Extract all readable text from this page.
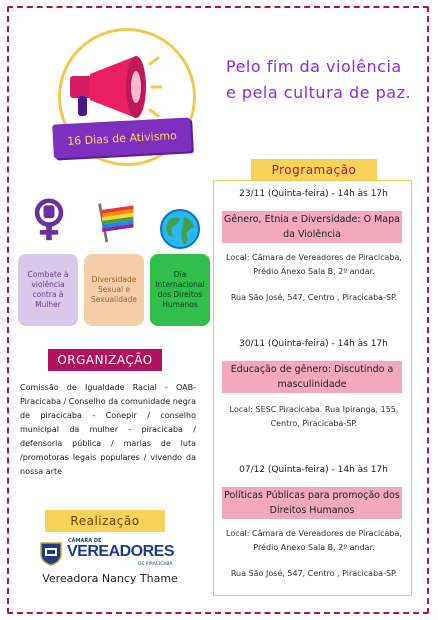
16 Dias de Ativismo
Pelo fim da violência
e pela cultura de paz.
Combate à violência contra à Mulher
Diversidade Sexual e Sexualidade
Dia Internacional dos Direitos Humanos
ORGANIZAÇÃO
Comissão de Igualdade Racial - OAB-Piracicaba / Conselho da comunidade negra de piracicaba - Conepir / conselho municipal da mulher - piracicaba / defensoria pública / marias de luta /promotoras legais populares / vivendo da nossa arte
Realização
CÂMARA DE
VEREADORES
DE PIRACICABA
Vereadora Nancy Thame
Programação
23/11 (Quinta-feira) - 14h às 17h
Gênero, Etnia e Diversidade: O Mapa da Violência
Local: Câmara de Vereadores de Piracicaba, Prédio Anexo Sala B, 2º andar.
Rua São José, 547, Centro , Piracicaba-SP.
30/11 (Quinta-feira) - 14h às 17h
Educação de gênero: Discutindo a masculinidade
Local: SESC Piracicaba. Rua Ipiranga, 155, Centro, Piracicaba-SP.
07/12 (Quinta-feira) - 14h às 17h
Políticas Públicas para promoção dos Direitos Humanos
Local: Câmara de Vereadores de Piracicaba, Prédio Anexo Sala B, 2º andar.
Rua São José, 547, Centro , Piracicaba-SP.
